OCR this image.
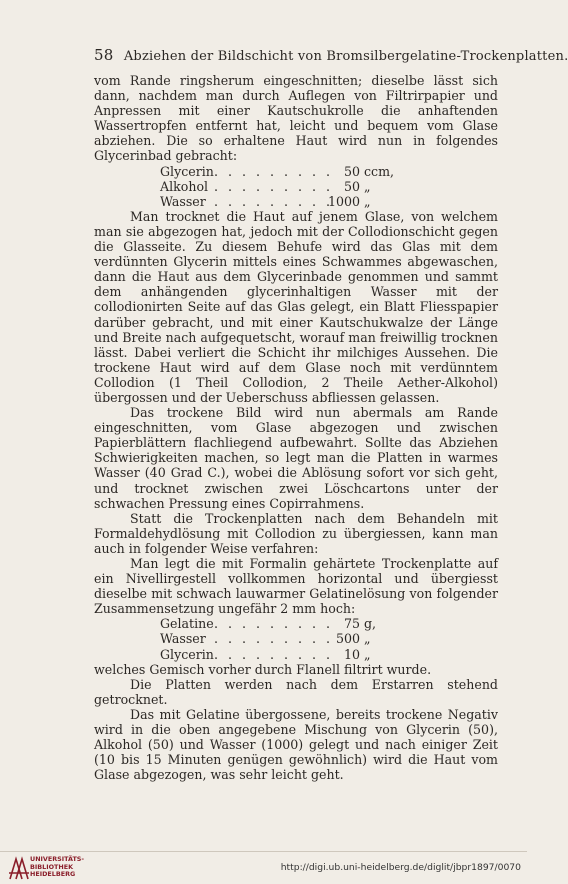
58 Abziehen der Bildschicht von Bromsilbergelatine-Trockenplatten.

vom Rande ringsherum eingeschnitten; dieselbe lässt sich dann, nachdem man durch Auflegen von Filtrirpapier und Anpressen mit einer Kautschukrolle die anhaftenden Wassertropfen entfernt hat, leicht und bequem vom Glase abziehen. Die so erhaltene Haut wird nun in folgendes Glycerinbad gebracht:

Glycerin . . . . . . . . . 50 ccm,
Alkohol . . . . . . . . . 50 „
Wasser . . . . . . . . .
1000 „

Man trocknet die Haut auf jenem Glase, von welchem man sie abgezogen hat, jedoch mit der Collodionschicht gegen die Glasseite. Zu diesem Behufe wird das Glas mit dem verdünnten Glycerin mittels eines Schwammes abgewaschen, dann die Haut aus dem Glycerinbade genommen und sammt dem anhängenden glycerinhaltigen Wasser mit der collodionirten Seite auf das Glas gelegt, ein Blatt Fliesspapier darüber gebracht, und mit einer Kautschukwalze der Länge und Breite nach aufgequetscht, worauf man freiwillig trocknen lässt. Dabei verliert die Schicht ihr milchiges Aussehen. Die trockene Haut wird auf dem Glase noch mit verdünntem Collodion (1 Theil Collodion, 2 Theile Aether-Alkohol) übergossen und der Ueberschuss abfliessen gelassen.

Das trockene Bild wird nun abermals am Rande eingeschnitten, vom Glase abgezogen und zwischen Papierblättern flachliegend aufbewahrt. Sollte das Abziehen Schwierigkeiten machen, so legt man die Platten in warmes Wasser (40 Grad C.), wobei die Ablösung sofort vor sich geht, und trocknet zwischen zwei Löschcartons unter der schwachen Pressung eines Copirrahmens.

Statt die Trockenplatten nach dem Behandeln mit Formaldehydlösung mit Collodion zu übergiessen, kann man auch in folgender Weise verfahren:

Man legt die mit Formalin gehärtete Trockenplatte auf ein Nivellirgestell vollkommen horizontal und übergiesst dieselbe mit schwach lauwarmer Gelatinelösung von folgender Zusammensetzung ungefähr 2 mm hoch:

Gelatine . . . . . . . . . 75 g,
Wasser . . . . . . . . . 500 „
Glycerin . . . . . . . . . 10 „

welches Gemisch vorher durch Flanell filtrirt wurde.

Die Platten werden nach dem Erstarren stehend getrocknet.

Das mit Gelatine übergossene, bereits trockene Negativ wird in die oben angegebene Mischung von Glycerin (50), Alkohol (50) und Wasser (1000) gelegt und nach einiger Zeit (10 bis 15 Minuten genügen gewöhnlich) wird die Haut vom Glase abgezogen, was sehr leicht geht.

UNIVERSITÄTS-
BIBLIOTHEK
HEIDELBERG
http://digi.ub.uni-heidelberg.de/diglit/jbpr1897/0070
